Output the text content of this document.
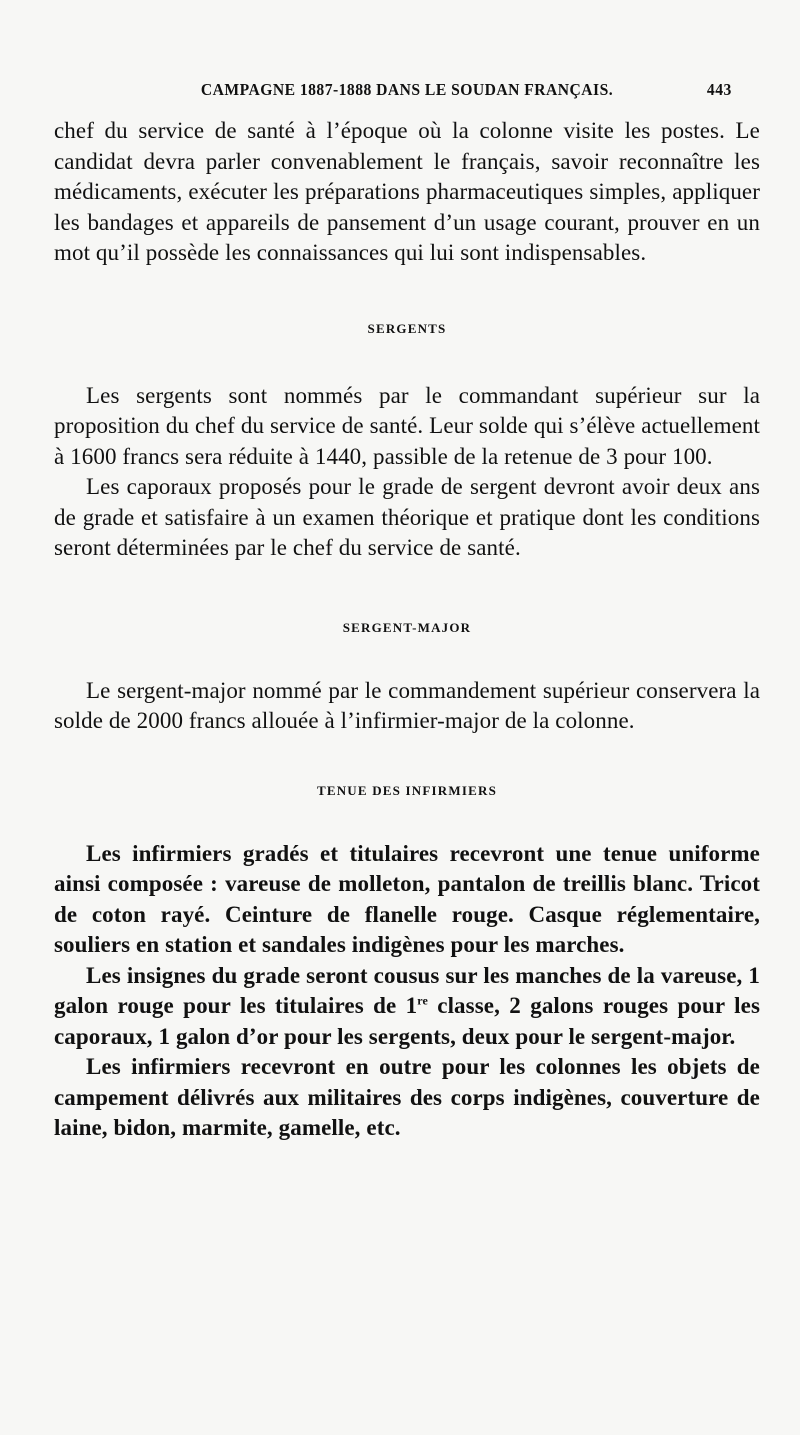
CAMPAGNE 1887-1888 DANS LE SOUDAN FRANÇAIS.	443

chef du service de santé à l’époque où la colonne visite les postes. Le candidat devra parler convenablement le français, savoir reconnaître les médicaments, exécuter les préparations pharmaceutiques simples, appliquer les bandages et appareils de pansement d’un usage courant, prouver en un mot qu’il possède les connaissances qui lui sont indispensables.

SERGENTS

Les sergents sont nommés par le commandant supérieur sur la proposition du chef du service de santé. Leur solde qui s’élève actuellement à 1600 francs sera réduite à 1440, passible de la retenue de 3 pour 100.

Les caporaux proposés pour le grade de sergent devront avoir deux ans de grade et satisfaire à un examen théorique et pratique dont les conditions seront déterminées par le chef du service de santé.

SERGENT-MAJOR

Le sergent-major nommé par le commandement supérieur conservera la solde de 2000 francs allouée à l’infirmier-major de la colonne.

TENUE DES INFIRMIERS

Les infirmiers gradés et titulaires recevront une tenue uniforme ainsi composée : vareuse de molleton, pantalon de treillis blanc. Tricot de coton rayé. Ceinture de flanelle rouge. Casque réglementaire, souliers en station et sandales indigènes pour les marches.

Les insignes du grade seront cousus sur les manches de la vareuse, 1 galon rouge pour les titulaires de 1re classe, 2 galons rouges pour les caporaux, 1 galon d’or pour les sergents, deux pour le sergent-major.

Les infirmiers recevront en outre pour les colonnes les objets de campement délivrés aux militaires des corps indigènes, couverture de laine, bidon, marmite, gamelle, etc.
